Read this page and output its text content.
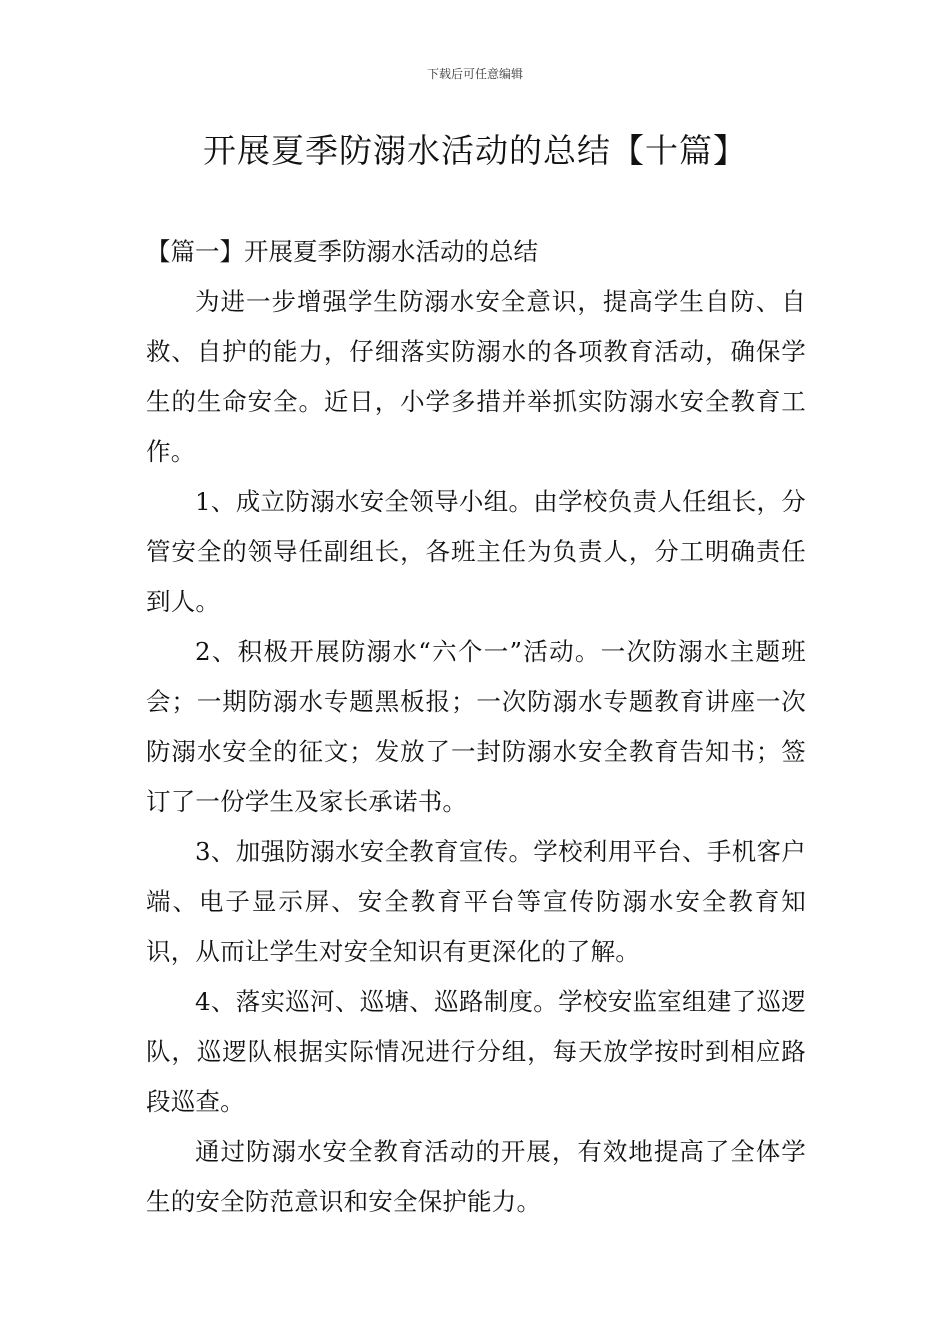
下载后可任意编辑
开展夏季防溺水活动的总结【十篇】
【篇一】开展夏季防溺水活动的总结

为进一步增强学生防溺水安全意识，提高学生自防、自救、自护的能力，仔细落实防溺水的各项教育活动，确保学生的生命安全。近日，小学多措并举抓实防溺水安全教育工作。

1、成立防溺水安全领导小组。由学校负责人任组长，分管安全的领导任副组长，各班主任为负责人，分工明确责任到人。

2、积极开展防溺水“六个一”活动。一次防溺水主题班会；一期防溺水专题黑板报；一次防溺水专题教育讲座一次防溺水安全的征文；发放了一封防溺水安全教育告知书；签订了一份学生及家长承诺书。

3、加强防溺水安全教育宣传。学校利用平台、手机客户端、电子显示屏、安全教育平台等宣传防溺水安全教育知识，从而让学生对安全知识有更深化的了解。

4、落实巡河、巡塘、巡路制度。学校安监室组建了巡逻队，巡逻队根据实际情况进行分组，每天放学按时到相应路段巡查。

通过防溺水安全教育活动的开展，有效地提高了全体学生的安全防范意识和安全保护能力。
